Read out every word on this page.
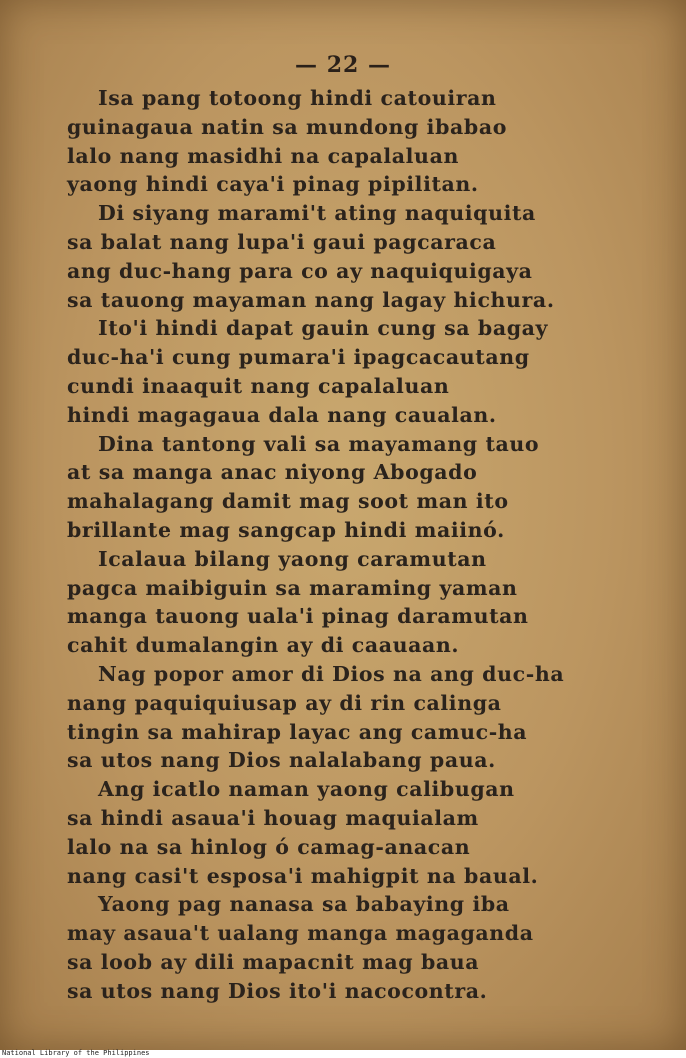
— 22 —
Isa pang totoong hindi catouiran
guinagaua natin sa mundong ibabao
lalo nang masidhi na capalaluan
yaong hindi caya'i pinag pipilitan.
Di siyang marami't ating naquiquita
sa balat nang lupa'i gaui pagcaraca
ang duc-hang para co ay naquiquigaya
sa tauong mayaman nang lagay hichura.
Ito'i hindi dapat gauin cung sa bagay
duc-ha'i cung pumara'i ipagcacautang
cundi inaaquit nang capalaluan
hindi magagaua dala nang caualan.
Dina tantong vali sa mayamang tauo
at sa manga anac niyong Abogado
mahalagang damit mag soot man ito
brillante mag sangcap hindi maiinó.
Icalaua bilang yaong caramutan
pagca maibiguin sa maraming yaman
manga tauong uala'i pinag daramutan
cahit dumalangin ay di caauaan.
Nag popor amor di Dios na ang duc-ha
nang paquiquiusap ay di rin calinga
tingin sa mahirap layac ang camuc-ha
sa utos nang Dios nalalabang paua.
Ang icatlo naman yaong calibugan
sa hindi asaua'i houag maquialam
lalo na sa hinlog ó camag-anacan
nang casi't esposa'i mahigpit na baual.
Yaong pag nanasa sa babaying iba
may asaua't ualang manga magaganda
sa loob ay dili mapacnit mag baua
sa utos nang Dios ito'i nacocontra.
National Library of the Philippines
